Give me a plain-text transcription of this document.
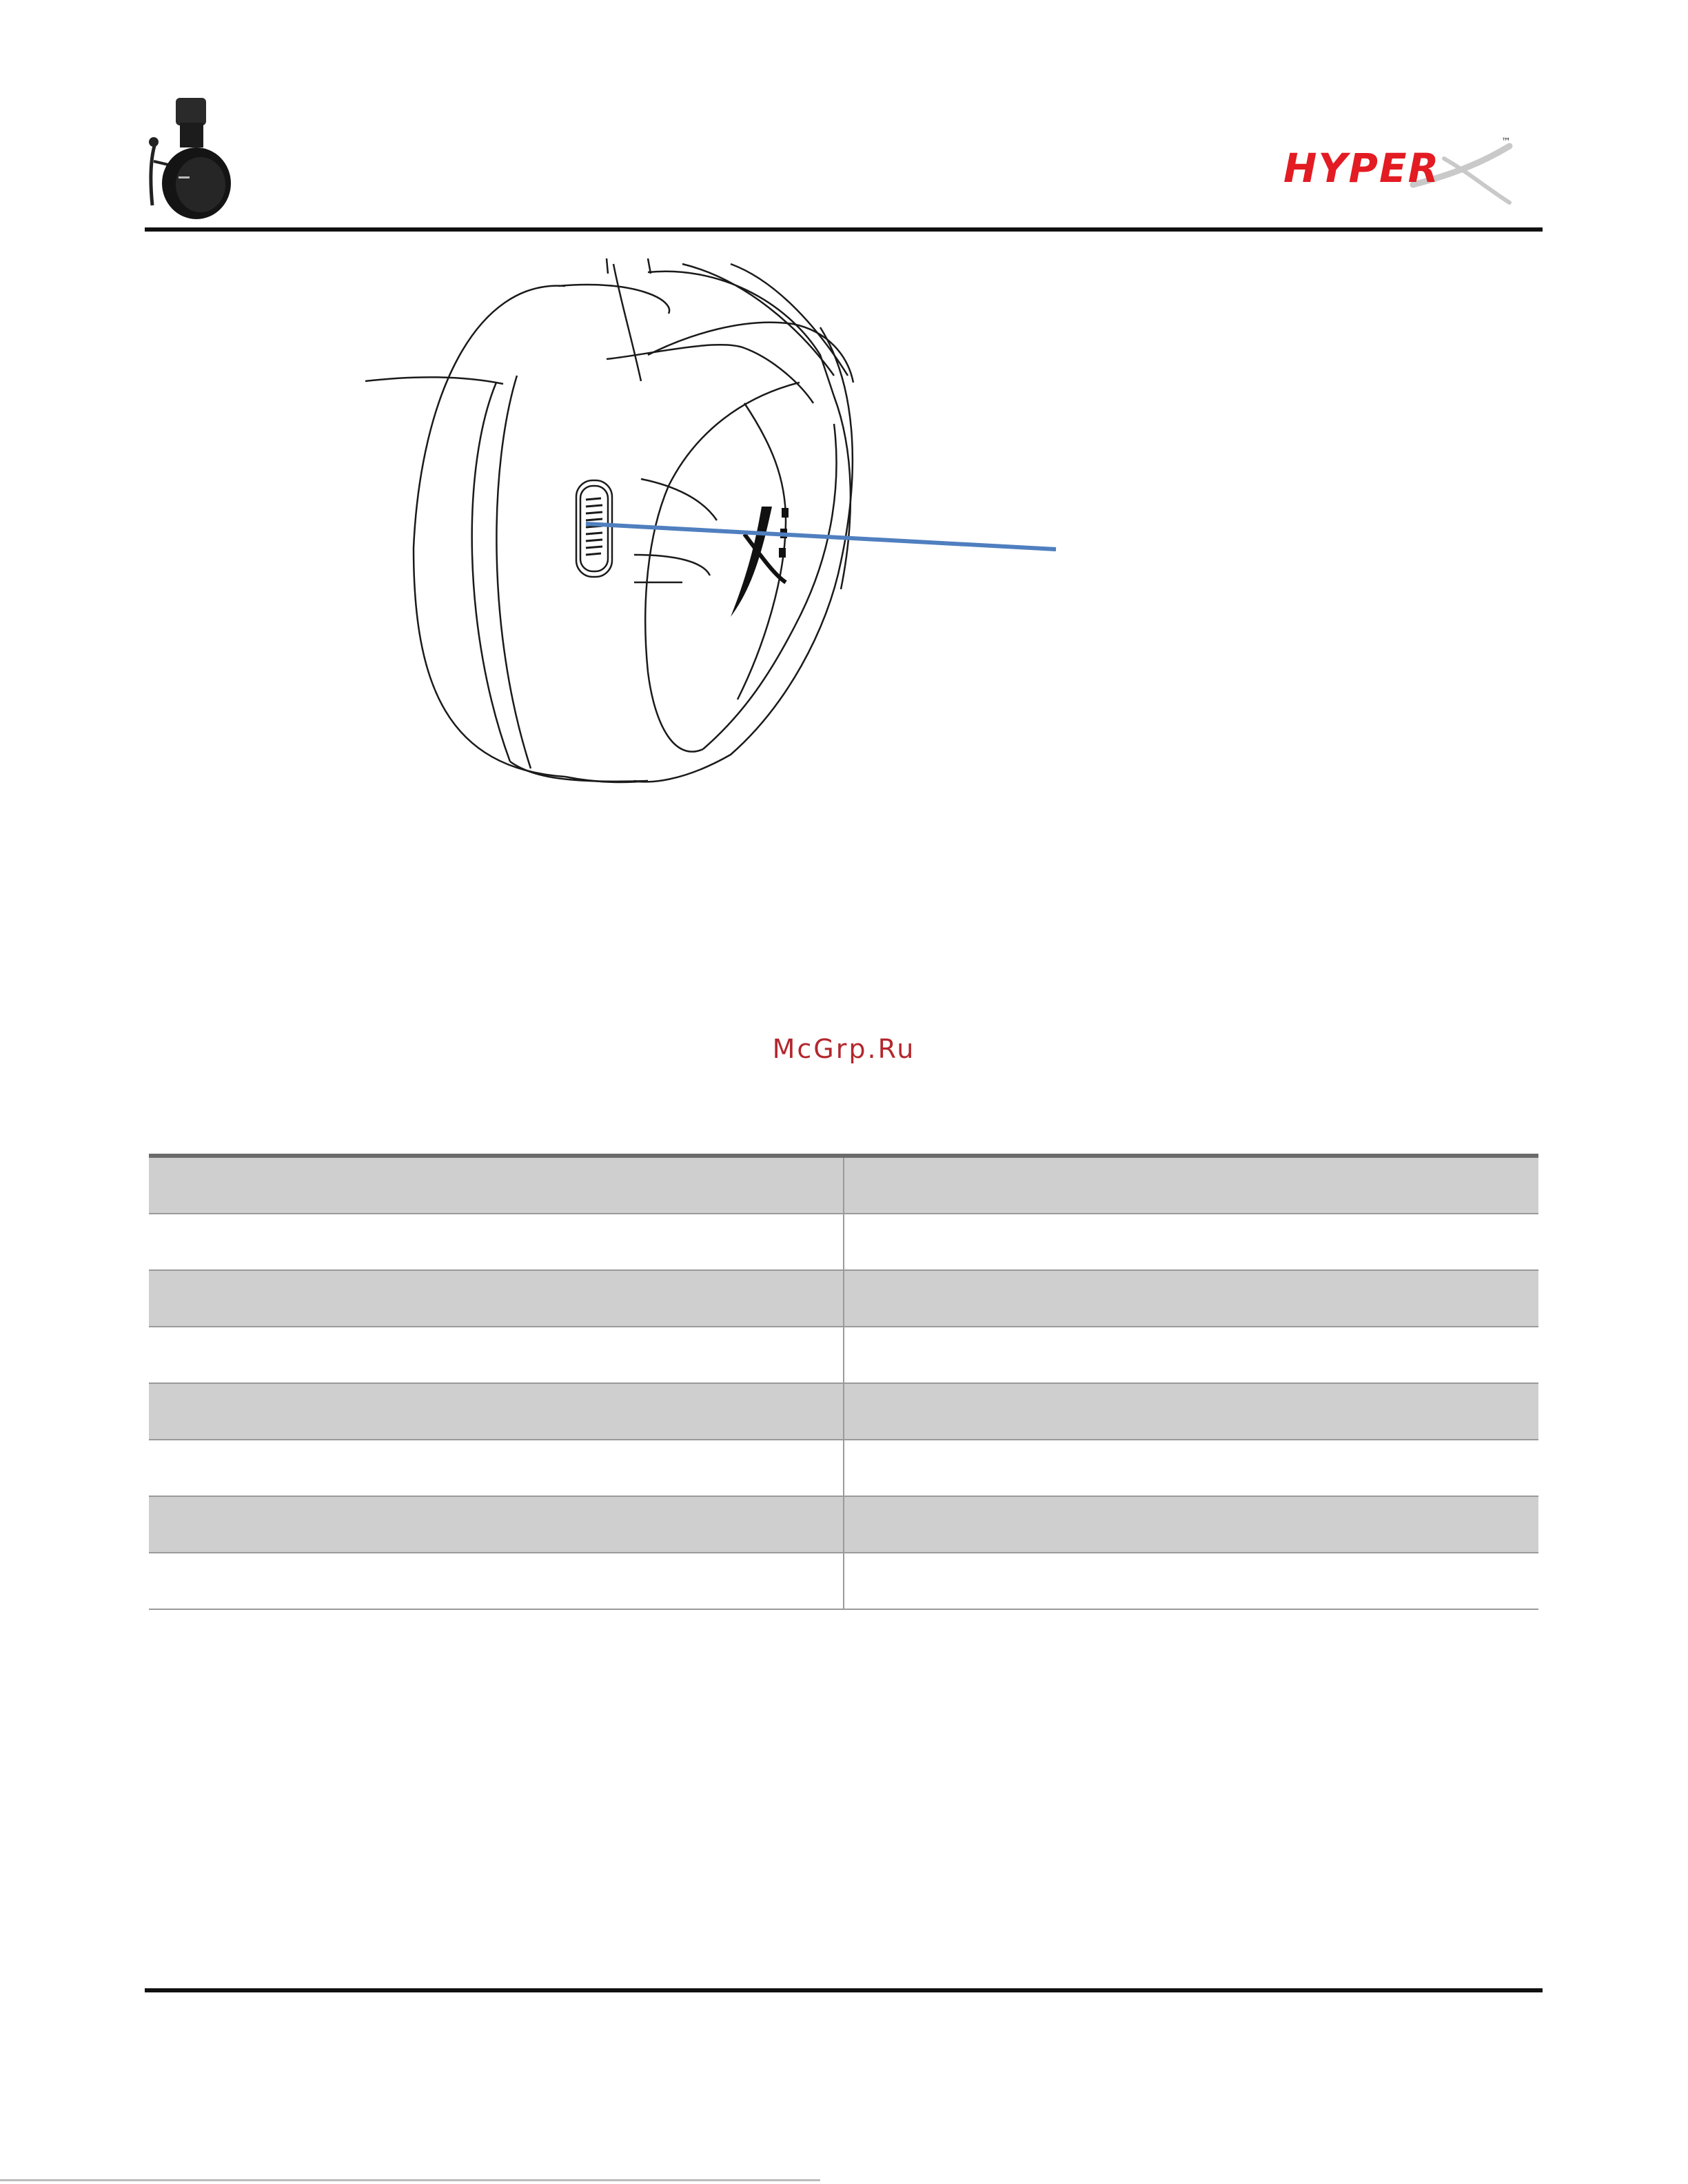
HYPER
™
McGrp.Ru
